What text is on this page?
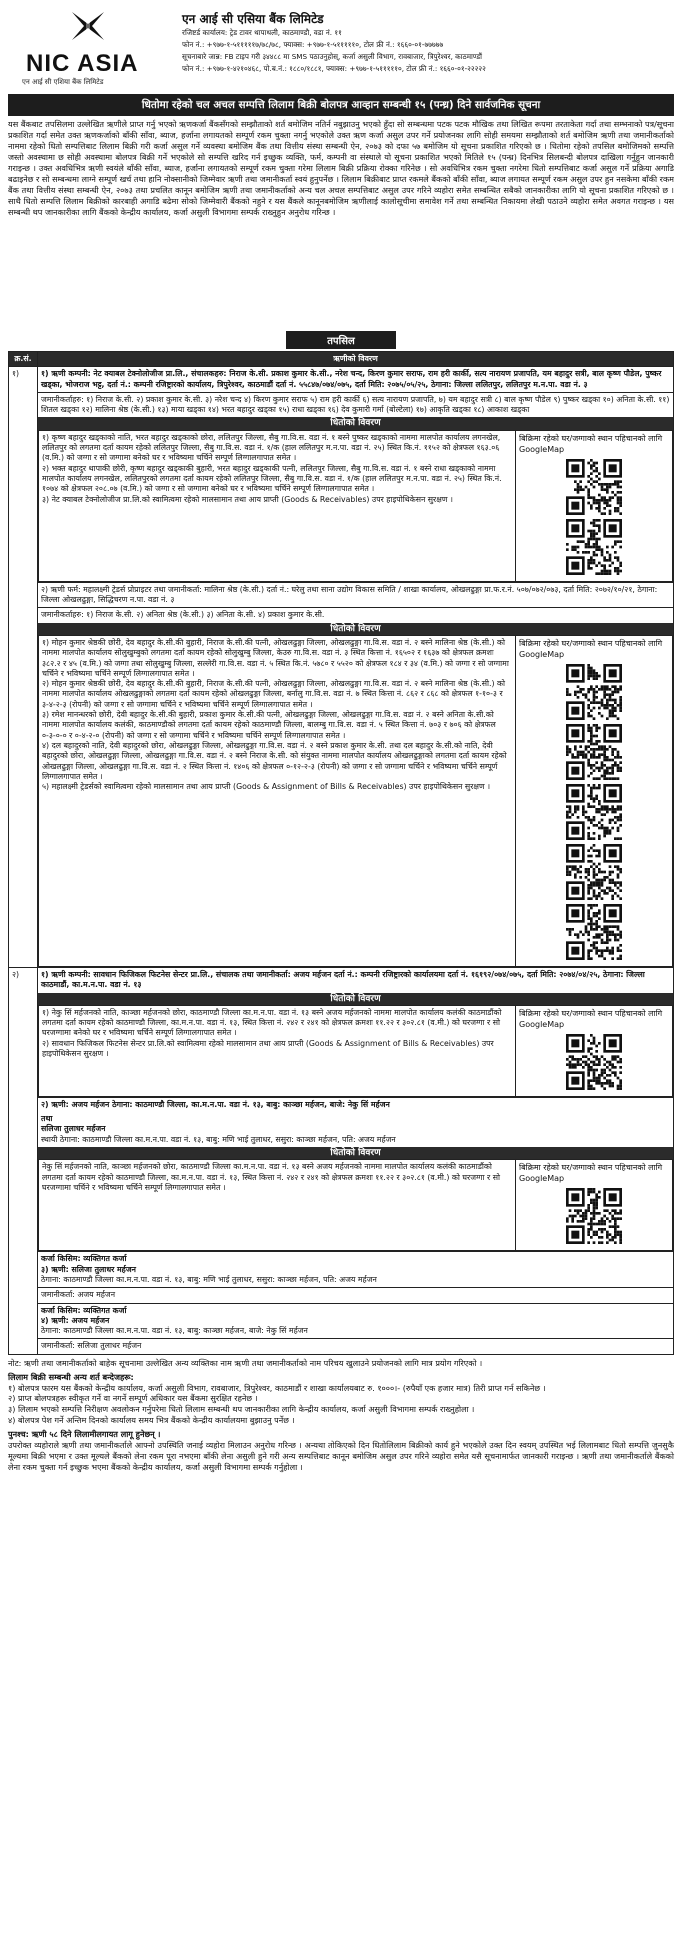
NIC ASIA
एन आई सी एशिया बैंक लिमिटेड
एन आई सी एसिया बैंक लिमिटेड
रजिष्टर्ड कार्यालय: ट्रेड टावर थापाथली, काठमाण्डौ, वडा नं. ११
फोन नं.: +९७७-१-५१११११७/७८/७८, फ्याक्स: +९७७-१-५१११११०, टोल फ्री नं.: १६६०-०१-७७७७७
सूचनाबारे जान्न: FB टाइप गरी ३४४८८ मा SMS पठाउनुहोस्, कर्जा असुली विभाग, रावबाजार, त्रिपुरेश्वर, काठमाण्डौं
फोन नं.: +९७७-१-४२१०४६८, पो.ब.नं.: १८८०/१८८१, फ्याक्स: +९७७-१-५१११११०, टोल फ्री नं.: १६६०-०१-२२२२२
धितोमा रहेको चल अचल सम्पत्ति लिलाम बिक्री बोलपत्र आव्हान सम्बन्धी १५ (पन्ध्र) दिने सार्वजनिक सूचना
यस बैंकबाट तपसिलमा उल्लेखित ऋणीले प्राप्त गर्नु भएको ऋणकर्जा बैंकसँगको सम्झौताको शर्त बमोजिम नतिर्न नबुझाउनु भएको हुँदा सो सम्बन्धमा पटक पटक मौखिक तथा लिखित रूपमा तरताकेता गर्दा तथा सम्भनाको पत्र/सूचना प्रकाशित गर्दा समेत उक्त ऋणकर्जाको बाँकी साँवा, ब्याज, हर्जाना लगायतको सम्पूर्ण रकम चुक्ता नगर्नु भएकोले उक्त ऋण कर्जा असुल उपर गर्ने प्रयोजनका लागि सोही समयमा सम्झौताको शर्त बमोजिम ऋणी तथा जमानीकर्ताको नाममा रहेको धितो सम्पत्तिबाट लिलाम बिक्री गरी कर्जा असुल गर्ने व्यवस्था बमोजिम बैंक तथा वित्तीय संस्था सम्बन्धी ऐन, २०७३ को दफा ५७ बमोजिम यो सूचना प्रकाशित गरिएको छ । धितोमा रहेको तपसिल बमोजिमको सम्पत्ति जस्तो अवस्थामा छ सोही अवस्थामा बोलपत्र बिक्री गर्ने भएकोले सो सम्पत्ति खरिद गर्न इच्छुक व्यक्ति, फर्म, कम्पनी वा संस्थाले यो सूचना प्रकाशित भएको मितिले १५ (पन्ध्र) दिनभित्र सिलबन्दी बोलपत्र दाखिला गर्नुहुन जानकारी गराइन्छ । उक्त अवधिभित्र ऋणी स्वयंले बाँकी साँवा, ब्याज, हर्जाना लगायतको सम्पूर्ण रकम चुक्ता गरेमा लिलाम बिक्री प्रक्रिया रोक्का गरिनेछ । सो अवधिभित्र रकम चुक्ता नगरेमा धितो सम्पत्तिबाट कर्जा असुल गर्ने प्रक्रिया अगाडि बढाइनेछ र सो सम्बन्धमा लाग्ने सम्पूर्ण खर्च तथा हानि नोक्सानीको जिम्मेवार ऋणी तथा जमानीकर्ता स्वयं हुनुपर्नेछ । लिलाम बिक्रीबाट प्राप्त रकमले बैंकको बाँकी साँवा, ब्याज लगायत सम्पूर्ण रकम असुल उपर हुन नसकेमा बाँकी रकम बैंक तथा वित्तीय संस्था सम्बन्धी ऐन, २०७३ तथा प्रचलित कानून बमोजिम ऋणी तथा जमानीकर्ताको अन्य चल अचल सम्पत्तिबाट असुल उपर गरिने व्यहोरा समेत सम्बन्धित सबैको जानकारीका लागि यो सूचना प्रकाशित गरिएको छ । साथै धितो सम्पत्ति लिलाम बिक्रीको कारबाही अगाडि बढेमा सोको जिम्मेवारी बैंकको नहुने र यस बैंकले कानूनबमोजिम ऋणीलाई कालोसूचीमा समावेश गर्ने तथा सम्बन्धित निकायमा लेखी पठाउने व्यहोरा समेत अवगत गराइन्छ । यस सम्बन्धी थप जानकारीका लागि बैंकको केन्द्रीय कार्यालय, कर्जा असुली विभागमा सम्पर्क राख्नुहुन अनुरोध गरिन्छ ।
तपसिल
क्र.सं.	ऋणीको विवरण
१)	१) ऋणी कम्पनी: नेट क्याबल टेक्नोलोजीज प्रा.लि., संचालकहरु: निराज के.सी. प्रकाश कुमार के.सी., नरेश चन्द, किरण कुमार सराफ, राम हरी कार्की, सत्य नारायण प्रजापति, यम बहादुर सत्री, बाल कृष्ण पौडेल, पुष्कर खड्का, भोजराज भट्ट, दर्ता नं.: कम्पनी रजिष्ट्रारको कार्यालय, त्रिपुरेश्वर, काठमाडौं दर्ता नं. ५५८४७/०७४/०७५, दर्ता मिति: २०७५/०५/२५, ठेगाना: जिल्ला ललितपुर, ललितपुर म.न.पा. वडा नं. ३
जमानीकर्ताहरु: १) निराज के.सी. २) प्रकाश कुमार के.सी. ३) नरेश चन्द ४) किरण कुमार सराफ ५) राम हरी कार्की ६) सत्य नारायण प्रजापति, ७) यम बहादुर सत्री ८) बाल कृष्ण पौडेल ९) पुष्कर खड्का १०) अनिता के.सी. ११) शितल खड्का १२) मालिना श्रेष्ठ (के.सी.) १३) माया खड्का १४) भरत बहादुर खड्का १५) राधा खड्का १६) देव कुमारी गर्मा (बोल्टेला) १७) आकृति खड्का १८) आकाश खड्का
धितोको विवरण
१) कृष्ण बहादुर खड्काको नाति, भरत बहादुर खड्काको छोरा, ललितपुर जिल्ला, सैबु गा.वि.स. वडा नं. १ बस्ने पुष्कर खड्काको नाममा मालपोत कार्यालय लगनखेल, ललितपुर को लगतमा दर्ता कायम रहेको ललितपुर जिल्ला, सैबु गा.वि.स. वडा नं. १/क (हाल ललितपुर म.न.पा. वडा नं. २५) स्थित कि.नं. ११५२ को क्षेत्रफल १६३.०६ (व.मि.) को जग्गा र सो जग्गामा बनेको घर र भविष्यमा चर्चिने सम्पूर्ण लिग्गालगापात समेत ।
२) भक्त बहादुर थापाकी छोरी, कृष्ण बहादुर खड्काकी बुहारी, भरत बहादुर खड्काकी पत्नी, ललितपुर जिल्ला, सैबु गा.वि.स. वडा नं. १ बस्ने राधा खड्काको नाममा मालपोत कार्यालय लगनखेल, ललितपुरको लगतमा दर्ता कायम रहेको ललितपुर जिल्ला, सैबु गा.वि.स. वडा नं. १/क (हाल ललितपुर म.न.पा. वडा नं. २५) स्थित कि.नं. १०७४ को क्षेत्रफल २०८.०७ (व.मि.) को जग्गा र सो जग्गामा बनेको घर र भविष्यमा चर्चिने सम्पूर्ण लिग्गालगापात समेत ।
३) नेट क्याबल टेक्नोलोजीज प्रा.लि.को स्वामित्वमा रहेको मालसामान तथा आय प्राप्ती (Goods & Receivables) उपर हाइपोथिकेसन सुरक्षण ।

बिक्रिमा रहेको घर/जग्गाको स्थान पहिचानको लागि GoogleMap
२) ऋणी फर्म: महालक्ष्मी ट्रेडर्स प्रोप्राइटर तथा जमानीकर्ता: मालिना श्रेष्ठ (के.सी.) दर्ता नं.: घरेलु तथा साना उद्योग विकास समिति / शाखा कार्यालय, ओखलढुङ्गा प्रा.फ.र.नं. ५०७/०७२/०७३, दर्ता मिति: २०७२/१०/२१, ठेगाना: जिल्ला ओखलढुङ्गा, सिद्धिचरण न.पा. वडा नं. ३
जमानीकर्ताहरु: १) निराज के.सी. २) अनिता श्रेष्ठ (के.सी.) ३) अनिता के.सी. ४) प्रकाश कुमार के.सी.
धितोको विवरण
१) मोहन कुमार श्रेष्ठकी छोरी, देव बहादुर के.सी.की बुहारी, निराज के.सी.की पत्नी, ओखलढुङ्गा जिल्ला, ओखलढुङ्गा गा.वि.स. वडा नं. २ बस्ने मालिना श्रेष्ठ (के.सी.) को नाममा मालपोत कार्यालय सोलुखुम्बुको लगतमा दर्ता कायम रहेको सोलुखुम्बु जिल्ला, केउरु गा.वि.स. वडा नं. ३ स्थित कित्ता नं. १६५०२ र १६३७ को क्षेत्रफल क्रमशः ३८२.२ र ४५ (व.मि.) को जग्गा तथा सोलुखुम्बु जिल्ला, सल्लेरी गा.वि.स. वडा नं. ५ स्थित कि.नं. ५७८० र ५५२० को क्षेत्रफल १८४ र ३४ (व.मि.) को जग्गा र सो जग्गामा चर्चिने र भविष्यमा चर्चिने सम्पूर्ण लिग्गालगापात समेत ।
२) मोहन कुमार श्रेष्ठकी छोरी, देव बहादुर के.सी.की बुहारी, निराज के.सी.की पत्नी, ओखलढुङ्गा जिल्ला, ओखलढुङ्गा गा.वि.स. वडा नं. २ बस्ने मालिना श्रेष्ठ (के.सी.) को नाममा मालपोत कार्यालय ओखलढुङ्गाको लगतमा दर्ता कायम रहेको ओखलढुङ्गा जिल्ला, बर्नालु गा.वि.स. वडा नं. ७ स्थित कित्ता नं. ८६२ र ८६८ को क्षेत्रफल १-१०-३ र ३-४-२-३ (रोपनी) को जग्गा र सो जग्गामा चर्चिने र भविष्यमा चर्चिने सम्पूर्ण लिग्गालगापात समेत ।
३) रमेश मानन्धरको छोरी, देवी बहादुर के.सी.की बुहारी, प्रकाश कुमार के.सी.की पत्नी, ओखलढुङ्गा जिल्ला, ओखलढुङ्गा गा.वि.स. वडा नं. २ बस्ने अनिता के.सी.को नाममा मालपोत कार्यालय कलंकी, काठमाण्डौको लगतमा दर्ता कायम रहेको काठमाण्डौ जिल्ला, बालम्बु गा.वि.स. वडा नं. ५ स्थित कित्ता नं. ७०३ र ७०६ को क्षेत्रफल ०-३-०-० र ०-४-२-० (रोपनी) को जग्गा र सो जग्गामा चर्चिने र भविष्यमा चर्चिने सम्पूर्ण लिग्गालगापात समेत ।
४) दल बहादुरको नाति, देवी बहादुरको छोरा, ओखलढुङ्गा जिल्ला, ओखलढुङ्गा गा.वि.स. वडा नं. २ बस्ने प्रकाश कुमार के.सी. तथा दल बहादुर के.सी.को नाति, देवी बहादुरको छोरा, ओखलढुङ्गा जिल्ला, ओखलढुङ्गा गा.वि.स. वडा नं. २ बस्ने निराज के.सी. को संयुक्त नाममा मालपोत कार्यालय ओखलढुङ्गाको लगतमा दर्ता कायम रहेको ओखलढुङ्गा जिल्ला, ओखलढुङ्गा गा.वि.स. वडा नं. २ स्थित कित्ता नं. १४०६ को क्षेत्रफल ०-१२-२-३ (रोपनी) को जग्गा र सो जग्गामा चर्चिने र भविष्यमा चर्चिने सम्पूर्ण लिग्गालगापात समेत ।
५) महालक्ष्मी ट्रेडर्सको स्वामित्वमा रहेको मालसामान तथा आय प्राप्ती (Goods & Assignment of Bills & Receivables) उपर हाइपोथिकेसन सुरक्षण ।

बिक्रिमा रहेको घर/जग्गाको स्थान पहिचानको लागि GoogleMap

२)	१) ऋणी कम्पनी: सावधान फिजिकल फिटनेस सेन्टर प्रा.लि., संचालक तथा जमानीकर्ता: अजय मर्हजन दर्ता नं.: कम्पनी रजिष्ट्रारको कार्यालयमा दर्ता नं. १६१९२/०७४/०७५, दर्ता मिति: २०७४/०४/२५, ठेगाना: जिल्ला काठमाडौं, का.म.न.पा. वडा नं. १३
धितोको विवरण
१) नेकु सिं मर्हजनको नाति, काञ्छा मर्हजनको छोरा, काठमाण्डौ जिल्ला का.म.न.पा. वडा नं. १३ बस्ने अजय मर्हजनको नाममा मालपोत कार्यालय कलंकी काठमाडौंको लगतमा दर्ता कायम रहेको काठमाण्डौ जिल्ला, का.म.न.पा. वडा नं. १३, स्थित कित्ता नं. २४२ र २४१ को क्षेत्रफल क्रमशः ११.२२ र ३०२.८१ (व.मी.) को घरजग्गा र सो घरजग्गामा बनेको घर र भविष्यमा चर्चिने सम्पूर्ण लिग्गालगापात समेत ।
२) सावधान फिजिकल फिटनेस सेन्टर प्रा.लि.को स्वामित्वमा रहेको मालसामान तथा आय प्राप्ती (Goods & Assignment of Bills & Receivables) उपर हाइपोथिकेसन सुरक्षण ।

बिक्रिमा रहेको घर/जग्गाको स्थान पहिचानको लागि GoogleMap
२) ऋणी: अजय मर्हजन ठेगाना: काठमाण्डौ जिल्ला, का.म.न.पा. वडा नं. १३, बाबु: काञ्छा मर्हजन, बाजे: नेकु सिं मर्हजन
तथा
सलिजा तुलाधर मर्हजन
स्थायी ठेगाना: काठमाण्डौ जिल्ला का.म.न.पा. वडा नं. १३, बाबु: मणि भाई तुलाधर, ससुरा: काञ्छा मर्हजन, पति: अजय मर्हजन
धितोको विवरण
नेकु सिं मर्हजनको नाति, काञ्छा मर्हजनको छोरा, काठमाण्डौ जिल्ला का.म.न.पा. वडा नं. १३ बस्ने अजय मर्हजनको नाममा मालपोत कार्यालय कलंकी काठमाडौंको लगतमा दर्ता कायम रहेको काठमाण्डौ जिल्ला, का.म.न.पा. वडा नं. १३, स्थित कित्ता नं. २४२ र २४१ को क्षेत्रफल क्रमशः ११.२२ र ३०२.८१ (व.मी.) को घरजग्गा र सो घरजग्गामा चर्चिने र भविष्यमा चर्चिने सम्पूर्ण लिग्गालगापात समेत ।

बिक्रिमा रहेको घर/जग्गाको स्थान पहिचानको लागि GoogleMap
कर्जा किसिम: व्यक्तिगत कर्जा
३) ऋणी: सलिजा तुलाधर मर्हजन
ठेगाना: काठमाण्डौ जिल्ला का.म.न.पा. वडा नं. १३, बाबु: मणि भाई तुलाधर, ससुरा: काञ्छा मर्हजन, पति: अजय मर्हजन
जमानीकर्ता: अजय मर्हजन
कर्जा किसिम: व्यक्तिगत कर्जा
४) ऋणी: अजय मर्हजन
ठेगाना: काठमाण्डौ जिल्ला का.म.न.पा. वडा नं. १३, बाबु: काञ्छा मर्हजन, बाजे: नेकु सिं मर्हजन
जमानीकर्ता: सलिजा तुलाधर मर्हजन
नोट: ऋणी तथा जमानीकर्ताको बाहेक सूचनामा उल्लेखित अन्य व्यक्तिका नाम ऋणी तथा जमानीकर्ताको नाम परिचय खुलाउने प्रयोजनको लागि मात्र प्रयोग गरिएको ।
लिलाम बिक्री सम्बन्धी अन्य शर्त बन्देजहरू:
१) बोलपत्र फारम यस बैंकको केन्द्रीय कार्यालय, कर्जा असुली विभाग, रावबाजार, त्रिपुरेश्वर, काठमाडौं र शाखा कार्यालयबाट रु. १०००।- (रुपैयाँ एक हजार मात्र) तिरी प्राप्त गर्न सकिनेछ ।
२) प्राप्त बोलपत्रहरू स्वीकृत गर्ने वा नगर्ने सम्पूर्ण अधिकार यस बैंकमा सुरक्षित रहनेछ ।
३) लिलाम भएको सम्पत्ति निरीक्षण अवलोकन गर्नुपरेमा धितो लिलाम सम्बन्धी थप जानकारीका लागि केन्द्रीय कार्यालय, कर्जा असुली विभागमा सम्पर्क राख्नुहोला ।
४) बोलपत्र पेश गर्ने अन्तिम दिनको कार्यालय समय भित्र बैंकको केन्द्रीय कार्यालयमा बुझाउनु पर्नेछ ।
पुनश्च: ऋणी ५८ दिने लिलामीलगायत लागू हुनेछन् ।
उपरोक्त व्यहोराले ऋणी तथा जमानीकर्ताले आफ्नो उपस्थिति जनाई व्यहोरा मिलाउन अनुरोध गरिन्छ । अन्यथा तोकिएको दिन धितोलिलाम बिक्रीको कार्य हुने भएकोले उक्त दिन स्वयम् उपस्थित भई लिलामबाट धितो सम्पत्ति जुनसुकै मूल्यमा बिक्री भएमा र उक्त मूल्यले बैंकको लेना रकम पूरा नभएमा बाँकी लेना असुली हुने गरी अन्य सम्पत्तिबाट कानून बमोजिम असुल उपर गरिने व्यहोरा समेत यसै सूचनामार्फत जानकारी गराइन्छ । ऋणी तथा जमानीकर्ताले बैंकको लेना रकम चुक्ता गर्न इच्छुक भएमा बैंकको केन्द्रीय कार्यालय, कर्जा असुली विभागमा सम्पर्क गर्नुहोला ।
